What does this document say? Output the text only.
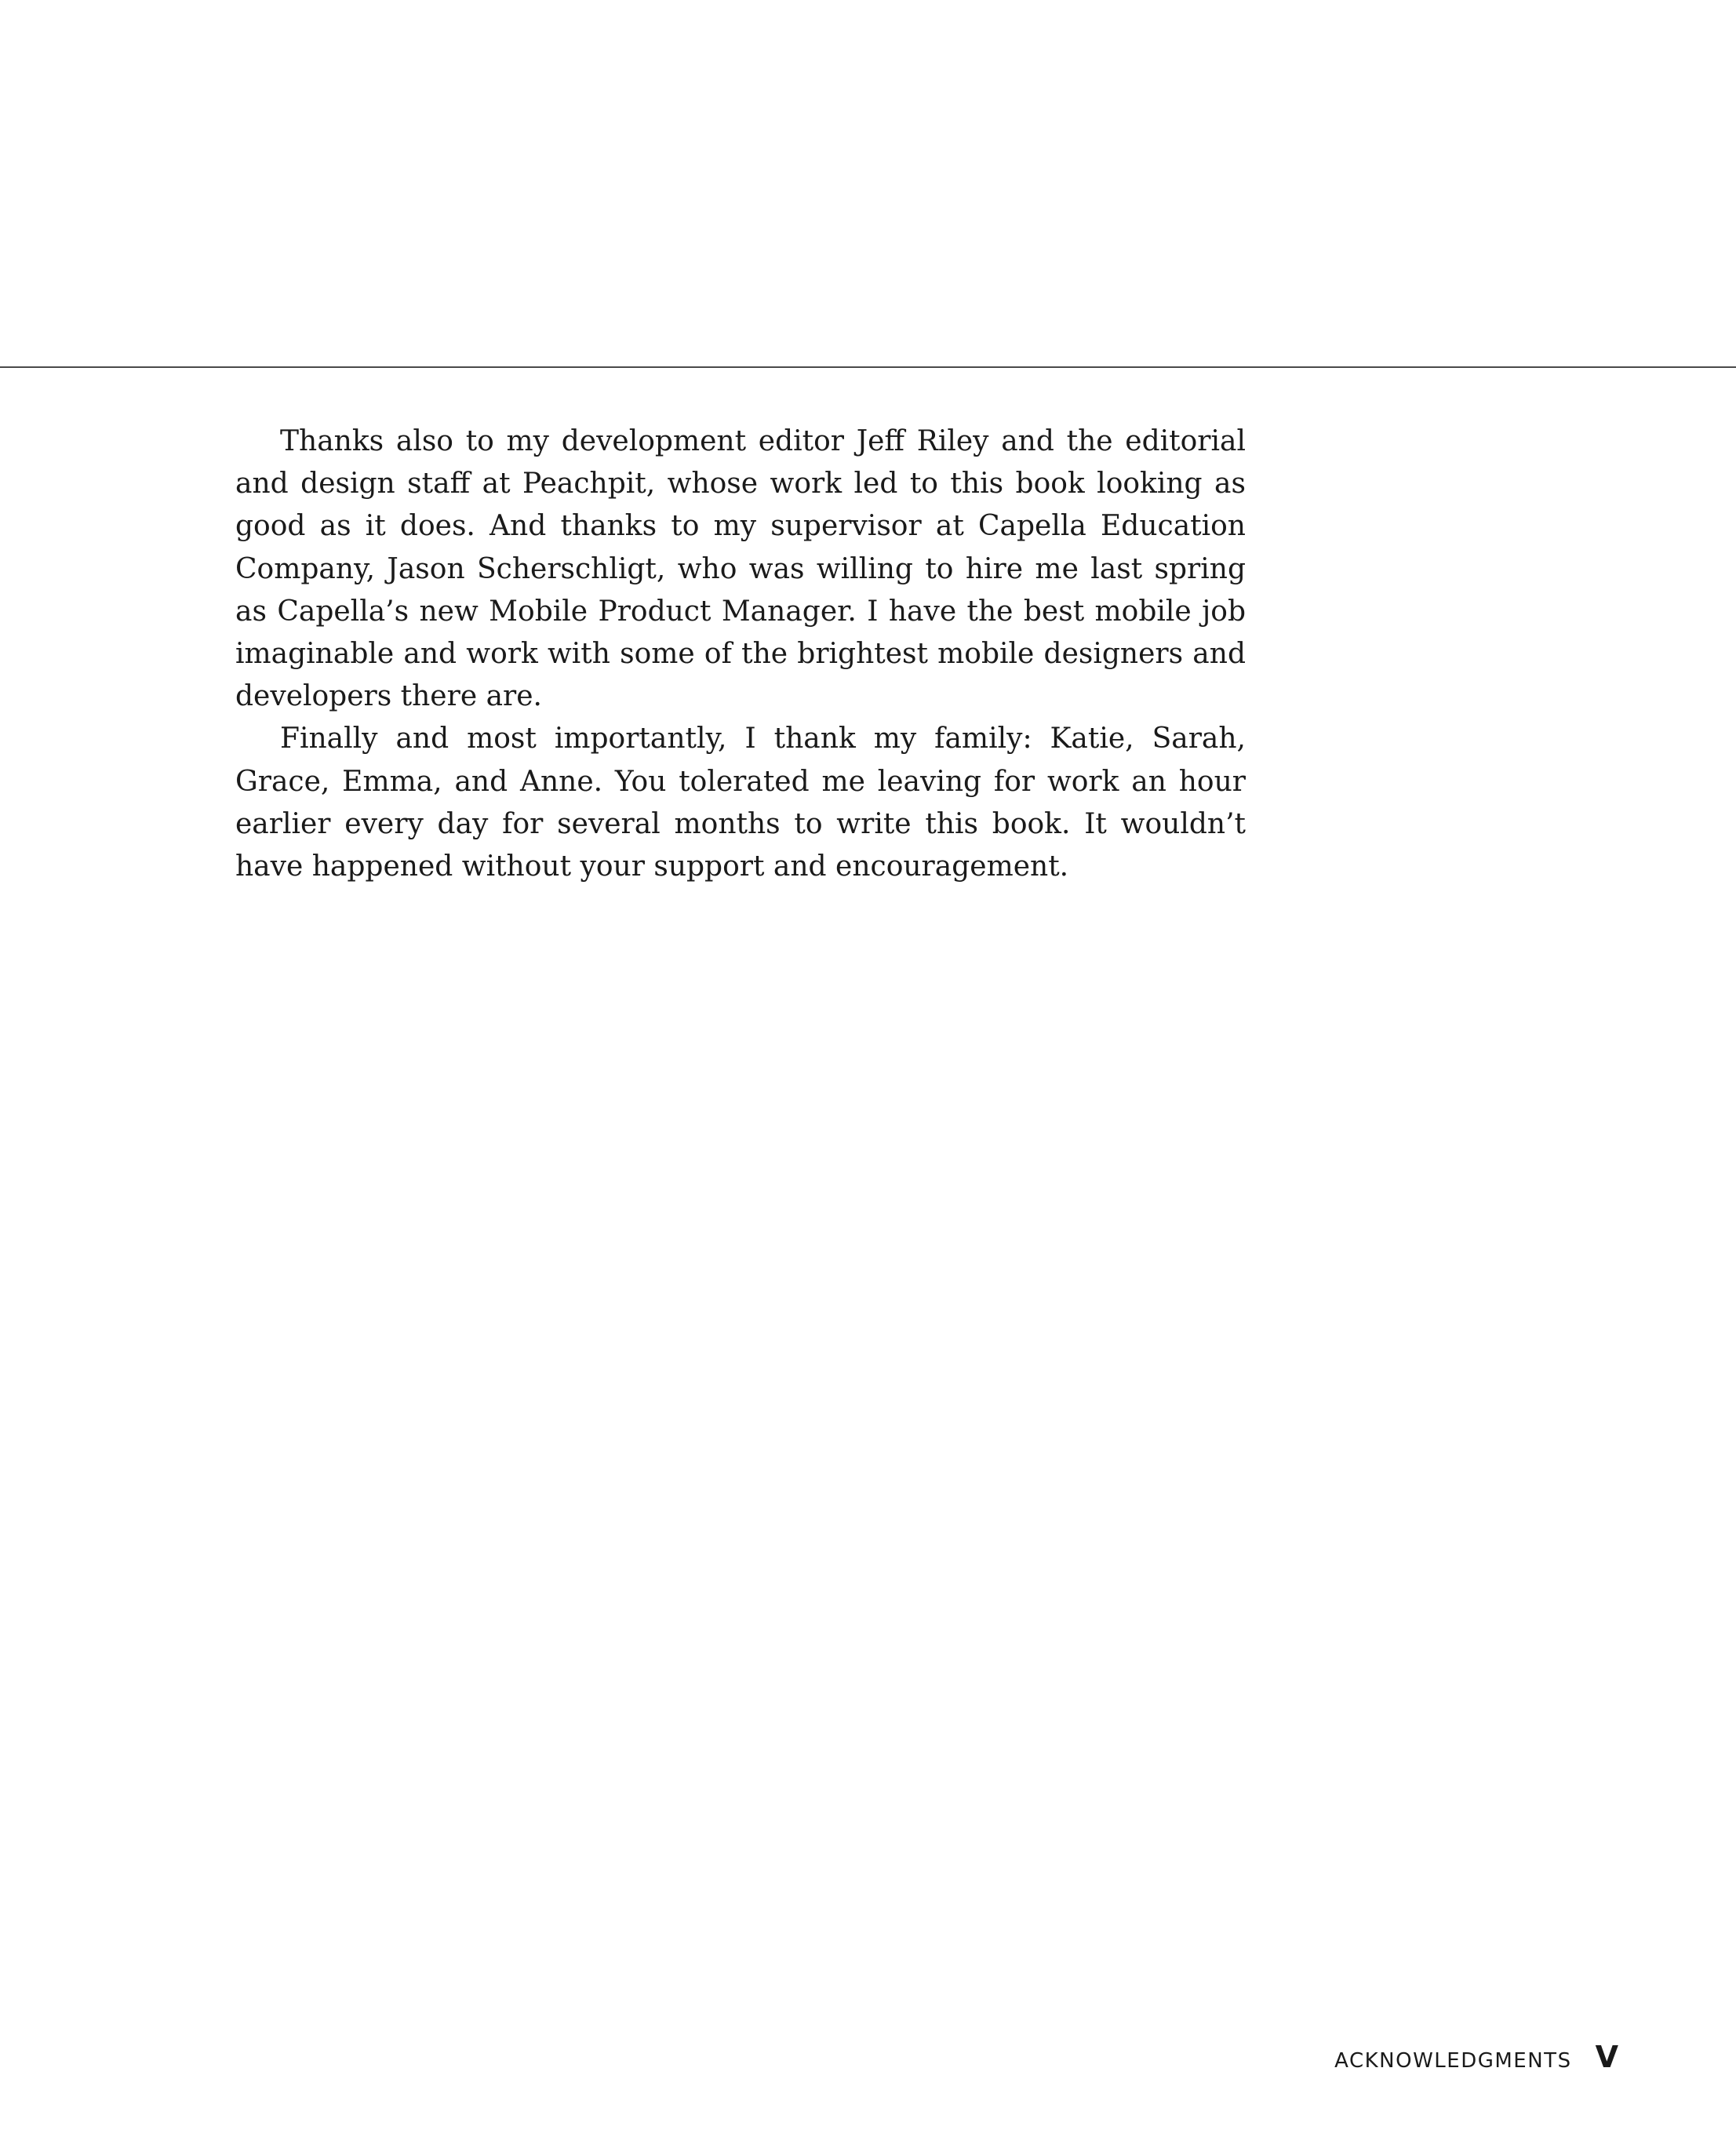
Thanks also to my development editor Jeff Riley and the editorial and design staff at Peachpit, whose work led to this book looking as good as it does. And thanks to my supervisor at Capella Education Company, Jason Scherschligt, who was willing to hire me last spring as Capella’s new Mobile Product Manager. I have the best mobile job imaginable and work with some of the brightest mobile designers and developers there are.

Finally and most importantly, I thank my family: Katie, Sarah, Grace, Emma, and Anne. You tolerated me leaving for work an hour earlier every day for several months to write this book. It wouldn’t have happened without your support and encouragement.

ACKNOWLEDGMENTS V
